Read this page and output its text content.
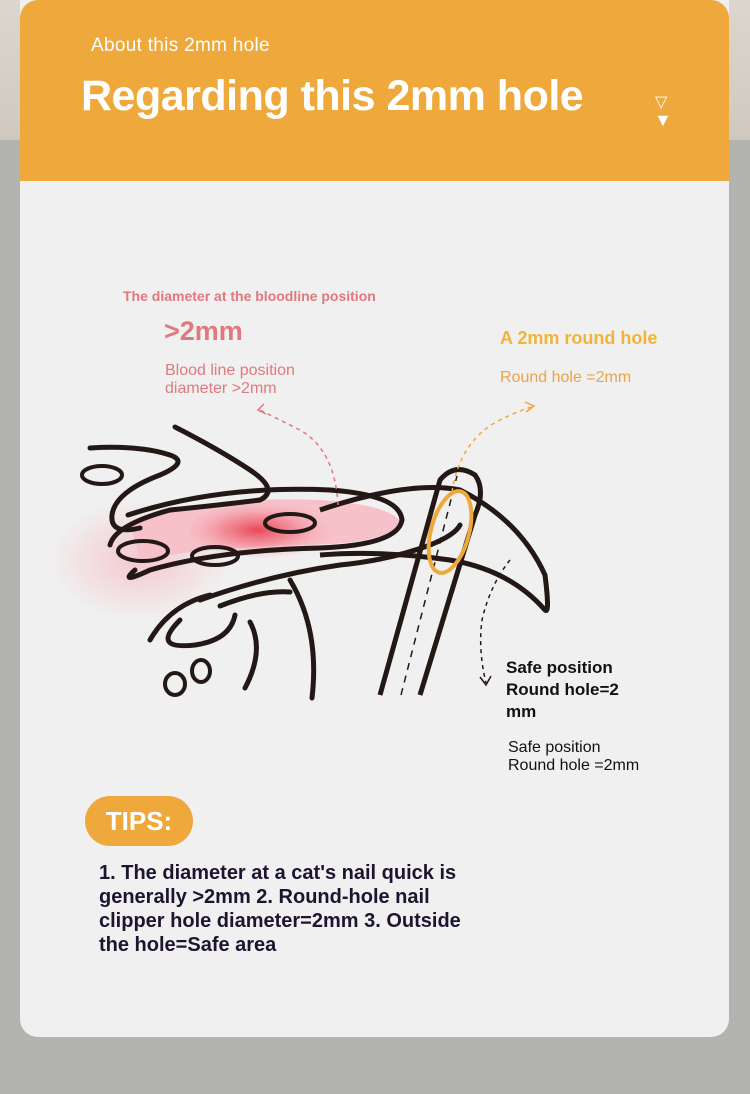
About this 2mm hole
Regarding this 2mm hole	▽
▼
The diameter at the bloodline position
>2mm
Blood line position
diameter >2mm
A 2mm round hole
Round hole =2mm
Safe position Round hole=2 mm
Safe position
Round hole =2mm
TIPS:
1. The diameter at a cat's nail quick is generally >2mm 2. Round-hole nail clipper hole diameter=2mm 3. Outside the hole=Safe area
